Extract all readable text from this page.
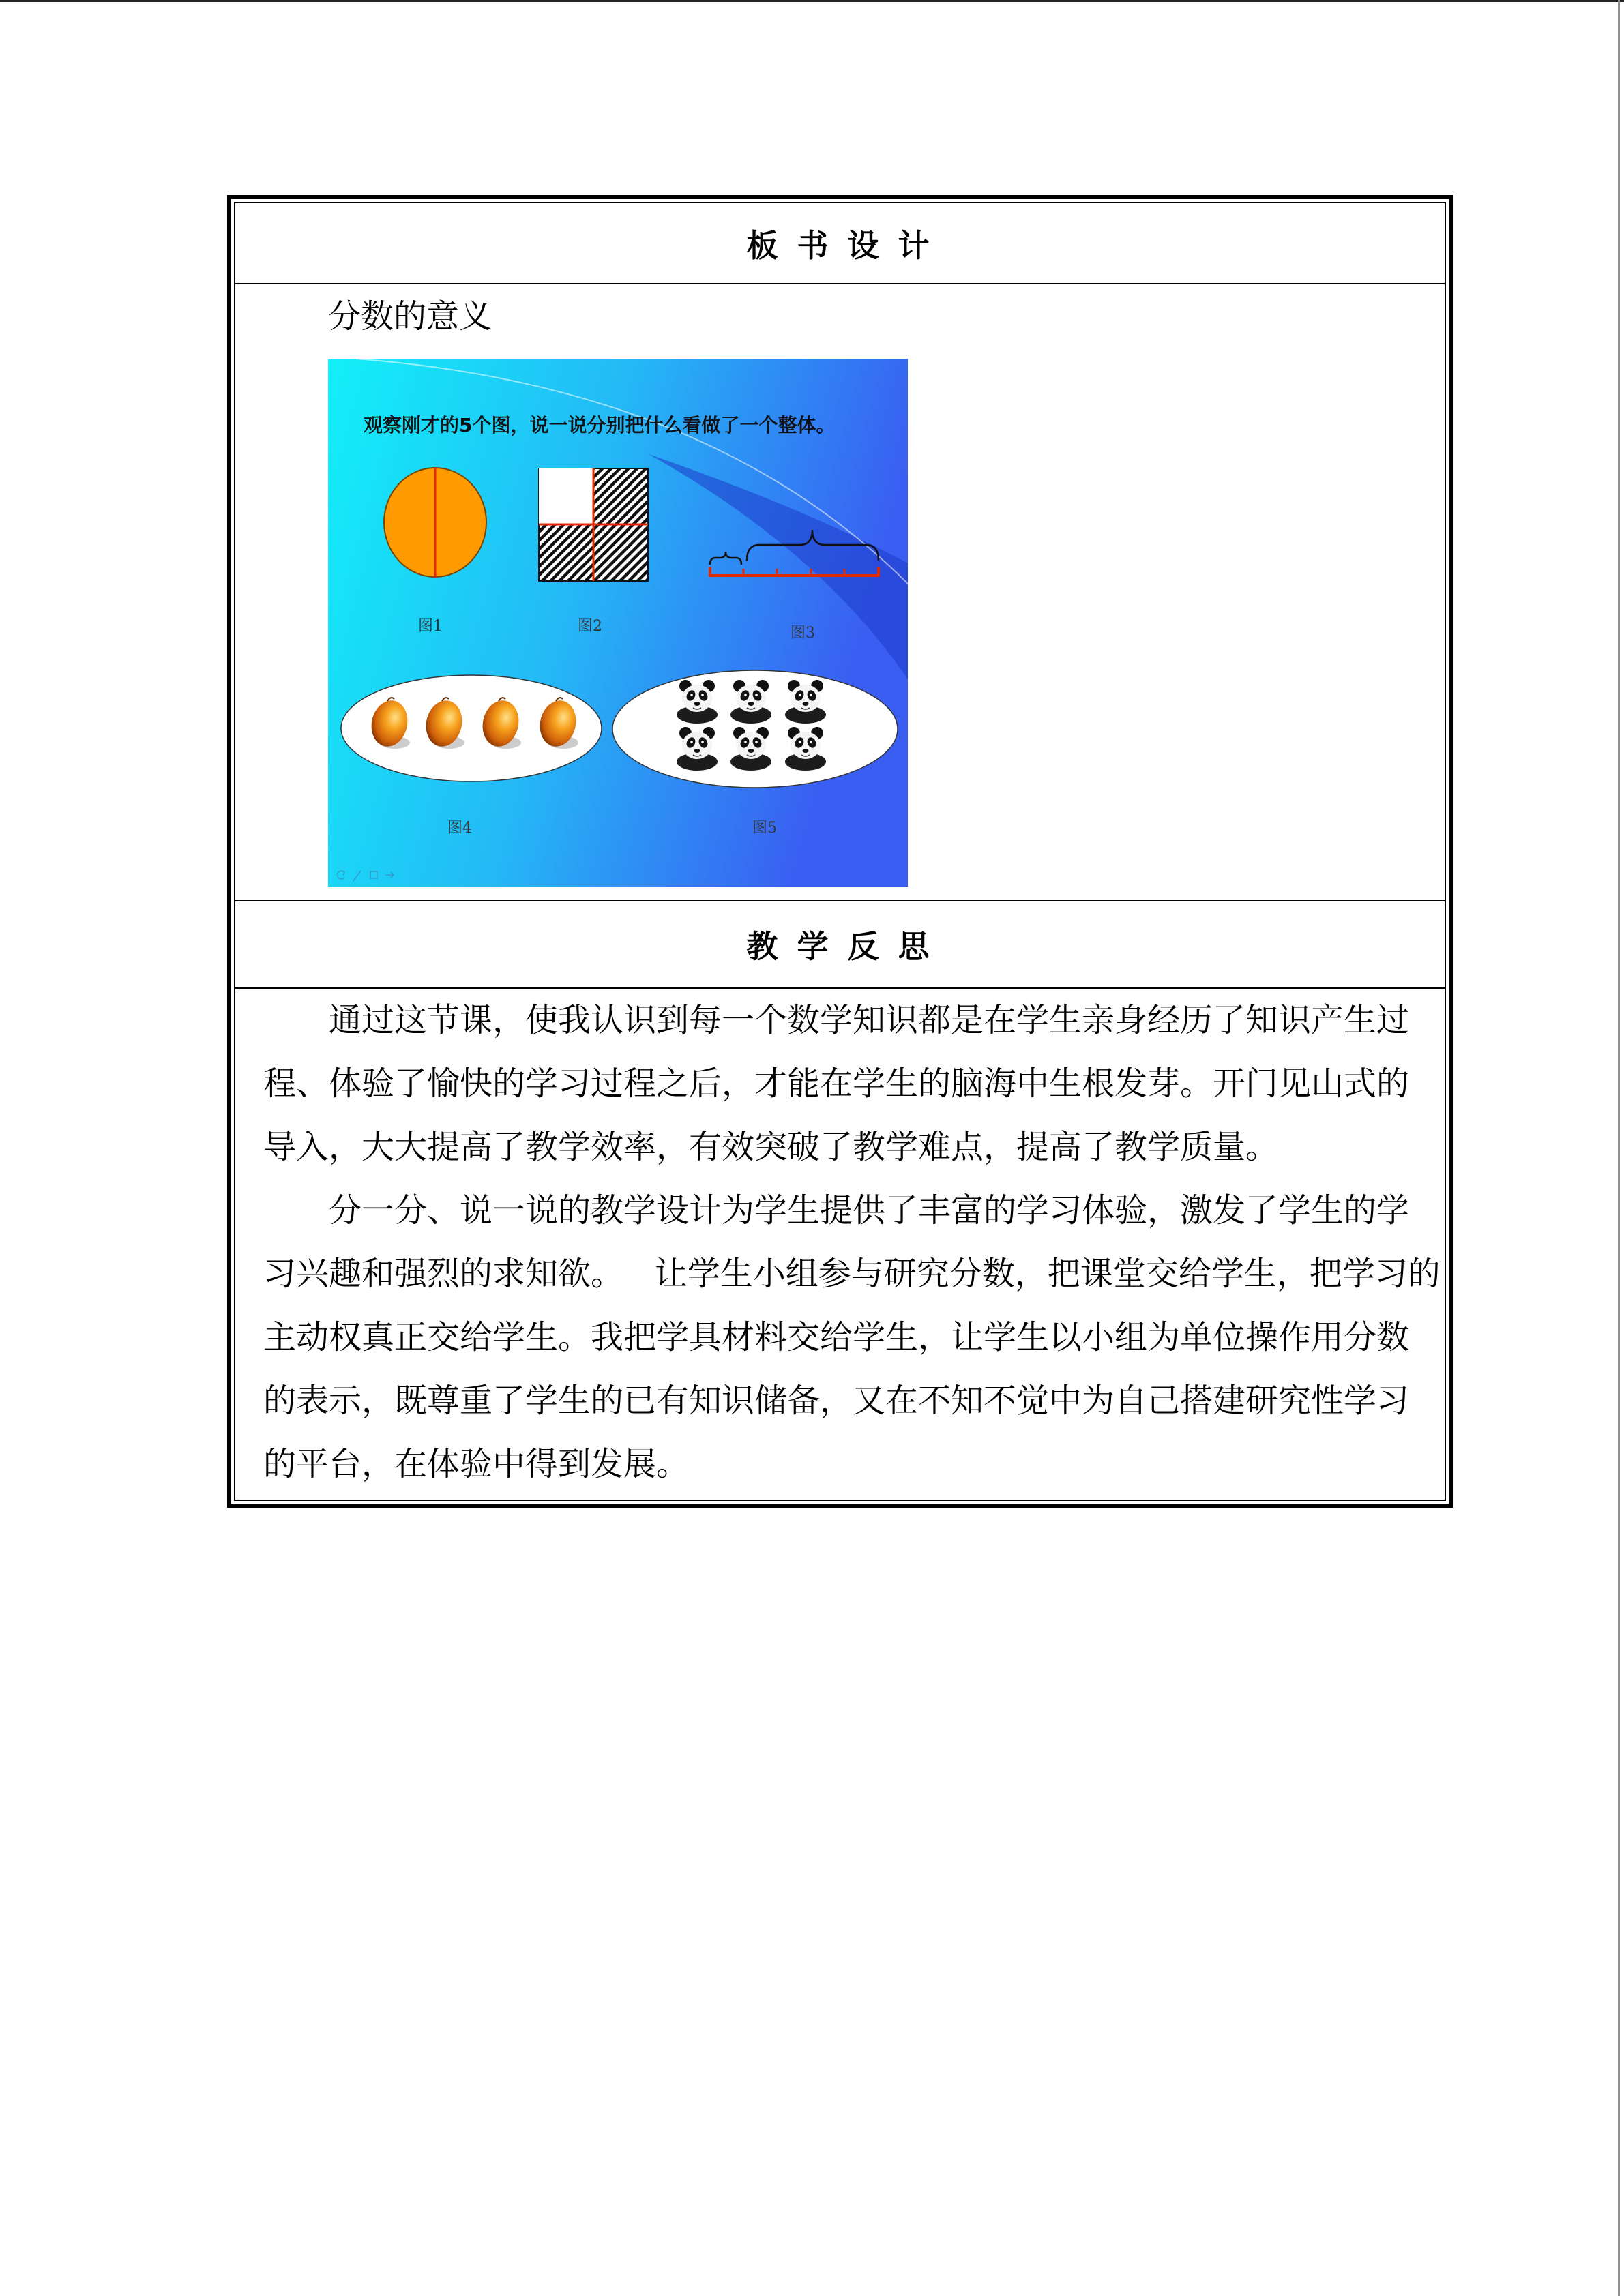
板 书 设 计
分数的意义
观察刚才的5个图，说一说分别把什么看做了一个整体。
图1	图2	图3
图4	图5
教 学 反 思
通过这节课，使我认识到每一个数学知识都是在学生亲身经历了知识产生过
程、体验了愉快的学习过程之后，才能在学生的脑海中生根发芽。开门见山式的
导入，大大提高了教学效率，有效突破了教学难点，提高了教学质量。
分一分、说一说的教学设计为学生提供了丰富的学习体验，激发了学生的学
习兴趣和强烈的求知欲。   让学生小组参与研究分数，把课堂交给学生，把学习的
主动权真正交给学生。我把学具材料交给学生，让学生以小组为单位操作用分数
的表示，既尊重了学生的已有知识储备，又在不知不觉中为自己搭建研究性学习
的平台，在体验中得到发展。
